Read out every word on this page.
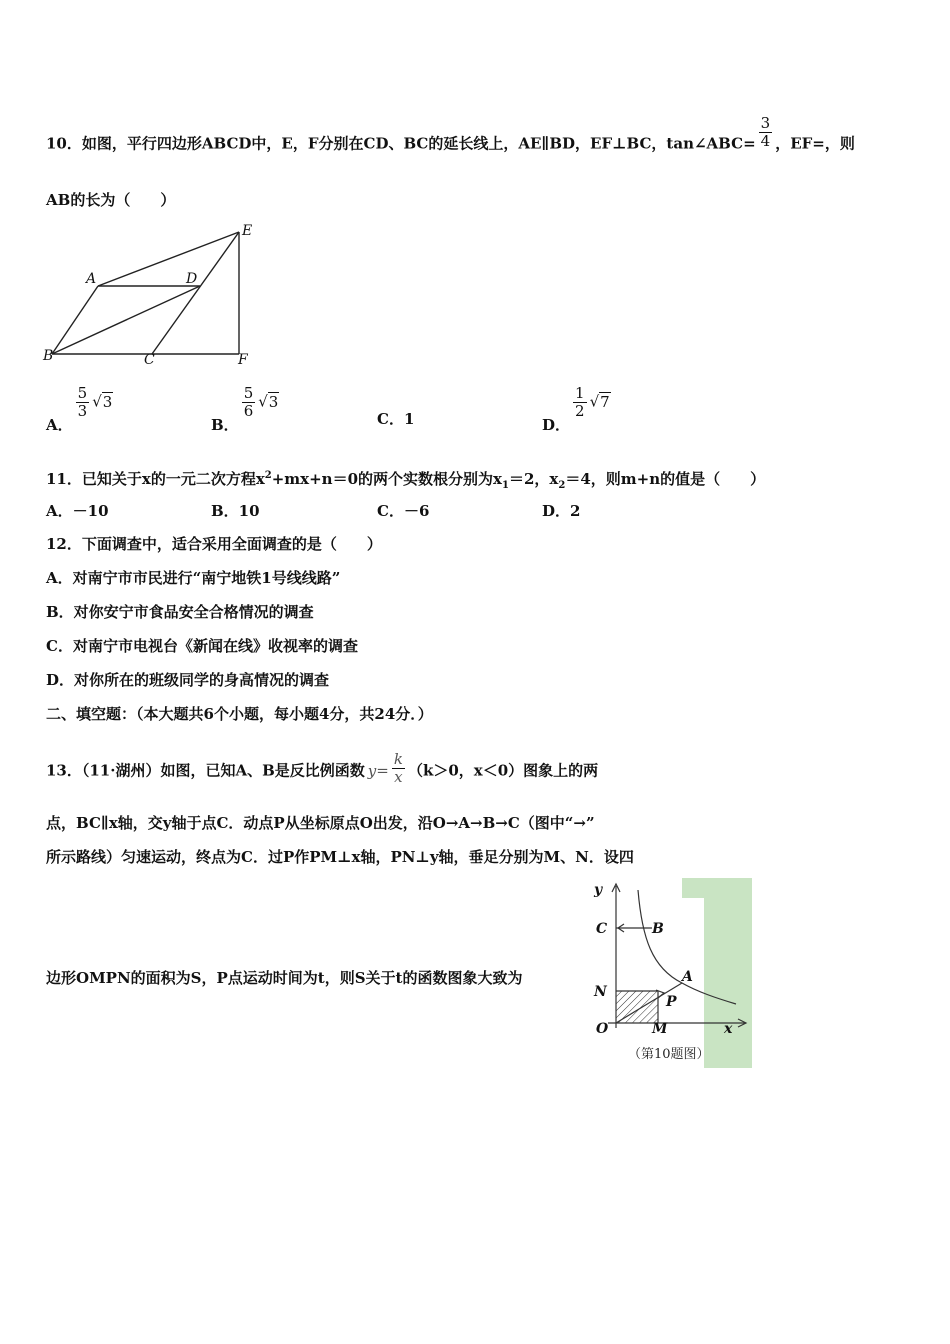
10．如图，平行四边形ABCD中，E，F分别在CD、BC的延长线上，AE∥BD，EF⊥BC，tan∠ABC= $\frac{3}{4}$ ，EF=，则
AB的长为（　　）
A	D
E
B	C	F
A．
$\frac{5}{3} √3$
B．
$\frac{5}{6} √3$
C．1	D．
$\frac{1}{2} √7$
11．已知关于x的一元二次方程$x^2+mx+n=0$的两个实数根分别为$x_1=2$，$x_2=4$，则m+n的值是（　　）
A．－10	B．10	C．－6	D．2
12．下面调查中，适合采用全面调查的是（　　）
A．对南宁市市民进行“南宁地铁1号线线路”
B．对你安宁市食品安全合格情况的调查
C．对南宁市电视台《新闻在线》收视率的调查
D．对你所在的班级同学的身高情况的调查
二、填空题：（本大题共6个小题，每小题4分，共24分．）
13．（11·湖州）如图，已知A、B是反比例函数 $y= \frac{k}{x} (k>0$，x＜0）图象上的两
点，BC∥x轴，交y轴于点C．动点P从坐标原点O出发，沿O→A→B→C（图中“→”
所示路线）匀速运动，终点为C．过P作PM⊥x轴，PN⊥y轴，垂足分别为M、N．设四
边形OMPN的面积为S，P点运动时间为t，则S关于t的函数图象大致为
y
C	B
A
N
P
O	M	x
（第10题图）
